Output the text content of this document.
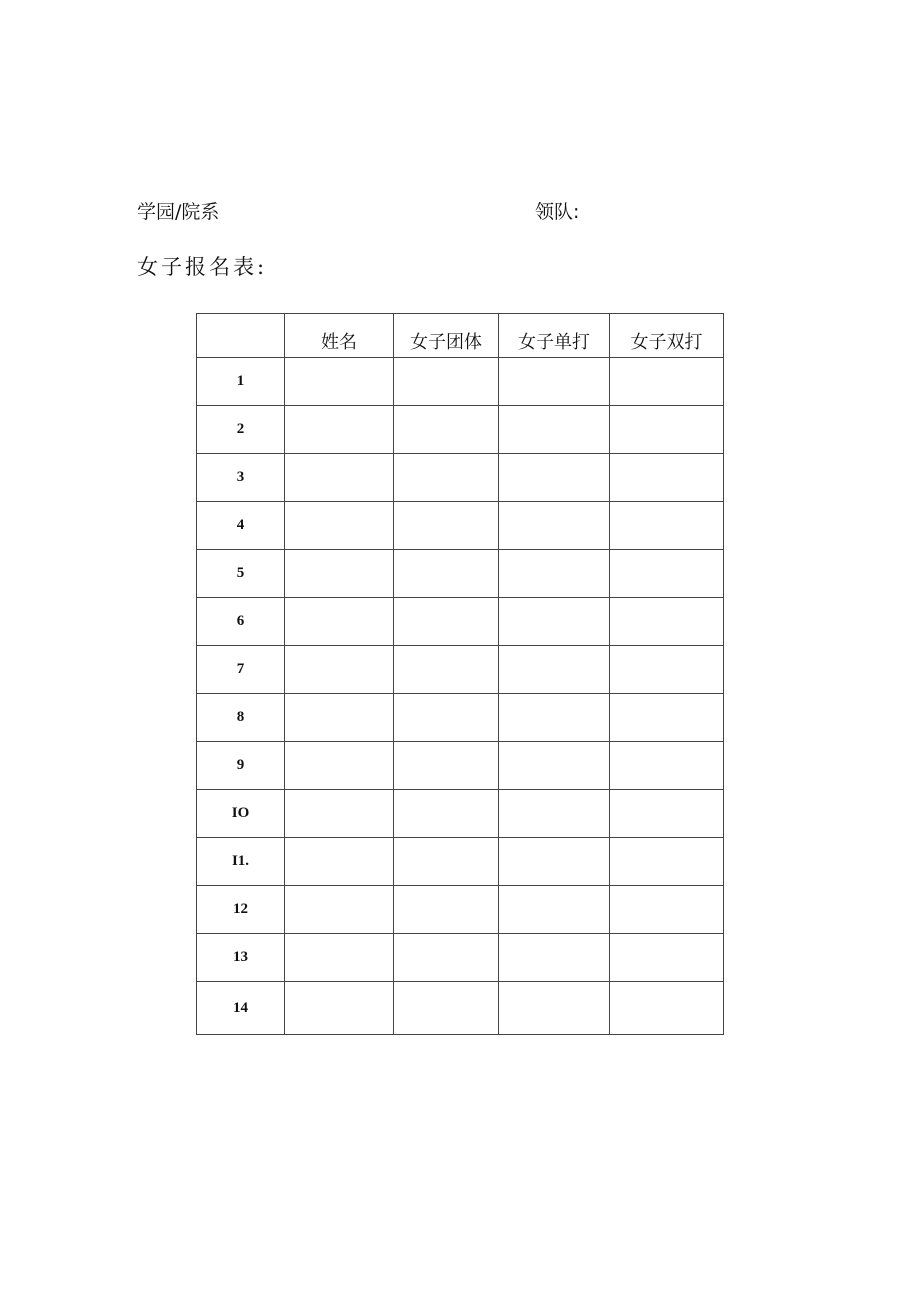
学园/院系	领队:
女子报名表:
	姓名	女子团体	女子单打	女子双打
1				
2				
3				
4				
5				
6				
7				
8				
9				
IO				
I1.				
12				
13				
14				
